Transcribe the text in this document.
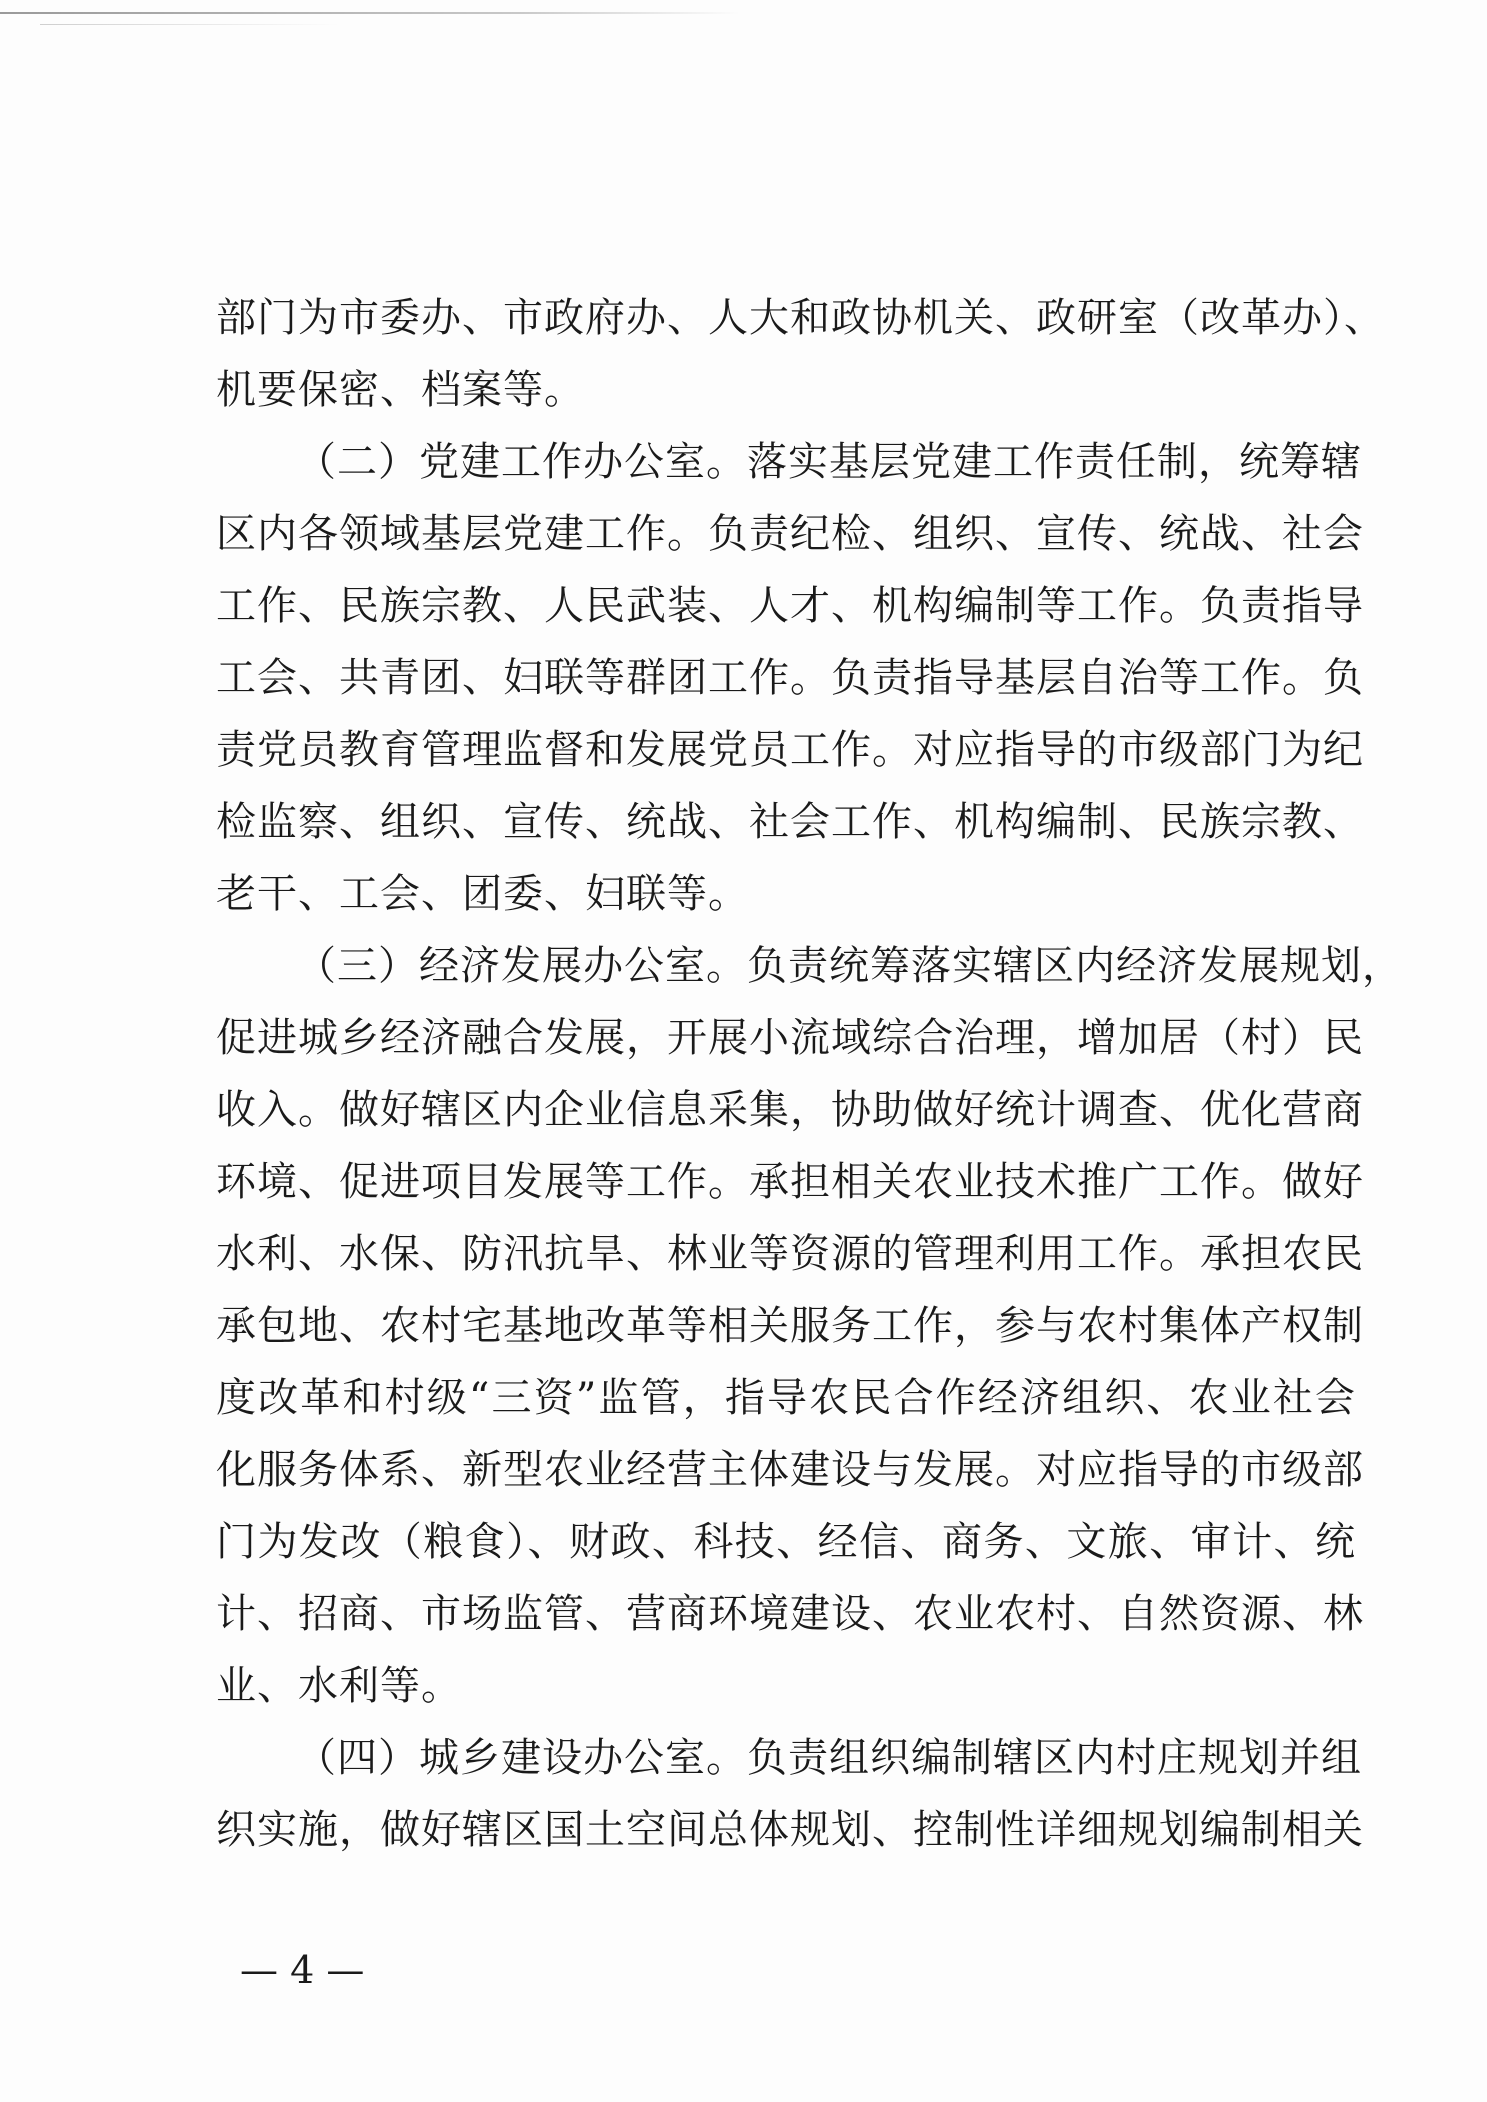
部门为市委办、市政府办、人大和政协机关、政研室（改革办）、
机要保密、档案等。
（二）党建工作办公室。落实基层党建工作责任制，统筹辖
区内各领域基层党建工作。负责纪检、组织、宣传、统战、社会
工作、民族宗教、人民武装、人才、机构编制等工作。负责指导
工会、共青团、妇联等群团工作。负责指导基层自治等工作。负
责党员教育管理监督和发展党员工作。对应指导的市级部门为纪
检监察、组织、宣传、统战、社会工作、机构编制、民族宗教、
老干、工会、团委、妇联等。
（三）经济发展办公室。负责统筹落实辖区内经济发展规划，
促进城乡经济融合发展，开展小流域综合治理，增加居（村）民
收入。做好辖区内企业信息采集，协助做好统计调查、优化营商
环境、促进项目发展等工作。承担相关农业技术推广工作。做好
水利、水保、防汛抗旱、林业等资源的管理利用工作。承担农民
承包地、农村宅基地改革等相关服务工作，参与农村集体产权制
度改革和村级“三资”监管，指导农民合作经济组织、农业社会
化服务体系、新型农业经营主体建设与发展。对应指导的市级部
门为发改（粮食）、财政、科技、经信、商务、文旅、审计、统
计、招商、市场监管、营商环境建设、农业农村、自然资源、林
业、水利等。
（四）城乡建设办公室。负责组织编制辖区内村庄规划并组
织实施，做好辖区国土空间总体规划、控制性详细规划编制相关
— 4 —
